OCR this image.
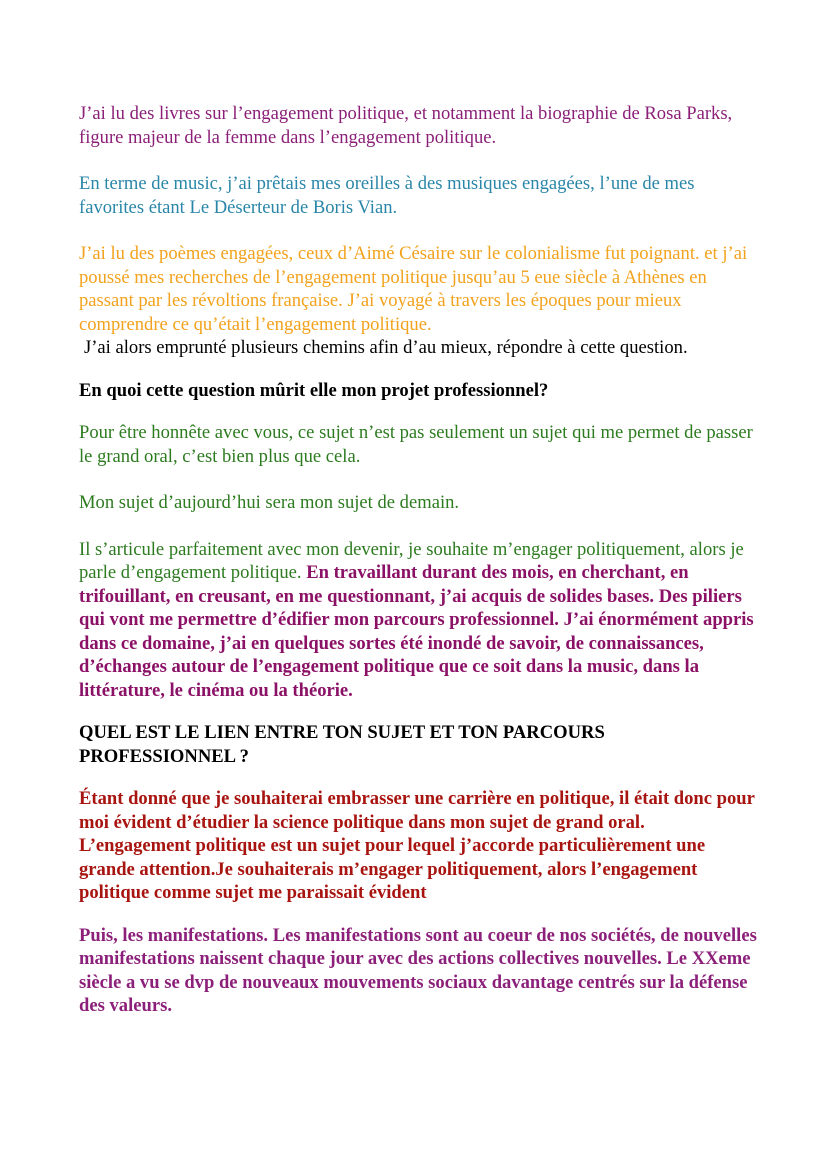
J’ai lu des livres sur l’engagement politique, et notamment la biographie de Rosa Parks, figure majeur de la femme dans l’engagement politique.

En terme de music, j’ai prêtais mes oreilles à des musiques engagées, l’une de mes favorites étant Le Déserteur de Boris Vian.

J’ai lu des poèmes engagées, ceux d’Aimé Césaire sur le colonialisme fut poignant. et j’ai poussé mes recherches de l’engagement politique jusqu’au 5 eue siècle à Athènes en passant par les révoltions française. J’ai voyagé à travers les époques pour mieux comprendre ce qu’était l’engagement politique.

J’ai alors emprunté plusieurs chemins afin d’au mieux, répondre à cette question.

En quoi cette question mûrit elle mon projet professionnel?

Pour être honnête avec vous, ce sujet n’est pas seulement un sujet qui me permet de passer le grand oral, c’est bien plus que cela.

Mon sujet d’aujourd’hui sera mon sujet de demain.

Il s’articule parfaitement avec mon devenir, je souhaite m’engager politiquement, alors je parle d’engagement politique. En travaillant durant des mois, en cherchant, en trifouillant, en creusant, en me questionnant, j’ai acquis de solides bases. Des piliers qui vont me permettre d’édifier mon parcours professionnel. J’ai énormément appris dans ce domaine, j’ai en quelques sortes été inondé de savoir, de connaissances, d’échanges autour de l’engagement politique que ce soit dans la music, dans la littérature, le cinéma ou la théorie.

QUEL EST LE LIEN ENTRE TON SUJET ET TON PARCOURS PROFESSIONNEL ?

Étant donné que je souhaiterai embrasser une carrière en politique, il était donc pour moi évident d’étudier la science politique dans mon sujet de grand oral. L’engagement politique est un sujet pour lequel j’accorde particulièrement une grande attention.Je souhaiterais m’engager politiquement, alors l’engagement politique comme sujet me paraissait évident

Puis, les manifestations. Les manifestations sont au coeur de nos sociétés, de nouvelles manifestations naissent chaque jour avec des actions collectives nouvelles. Le XXeme siècle a vu se dvp de nouveaux mouvements sociaux davantage centrés sur la défense des valeurs.
